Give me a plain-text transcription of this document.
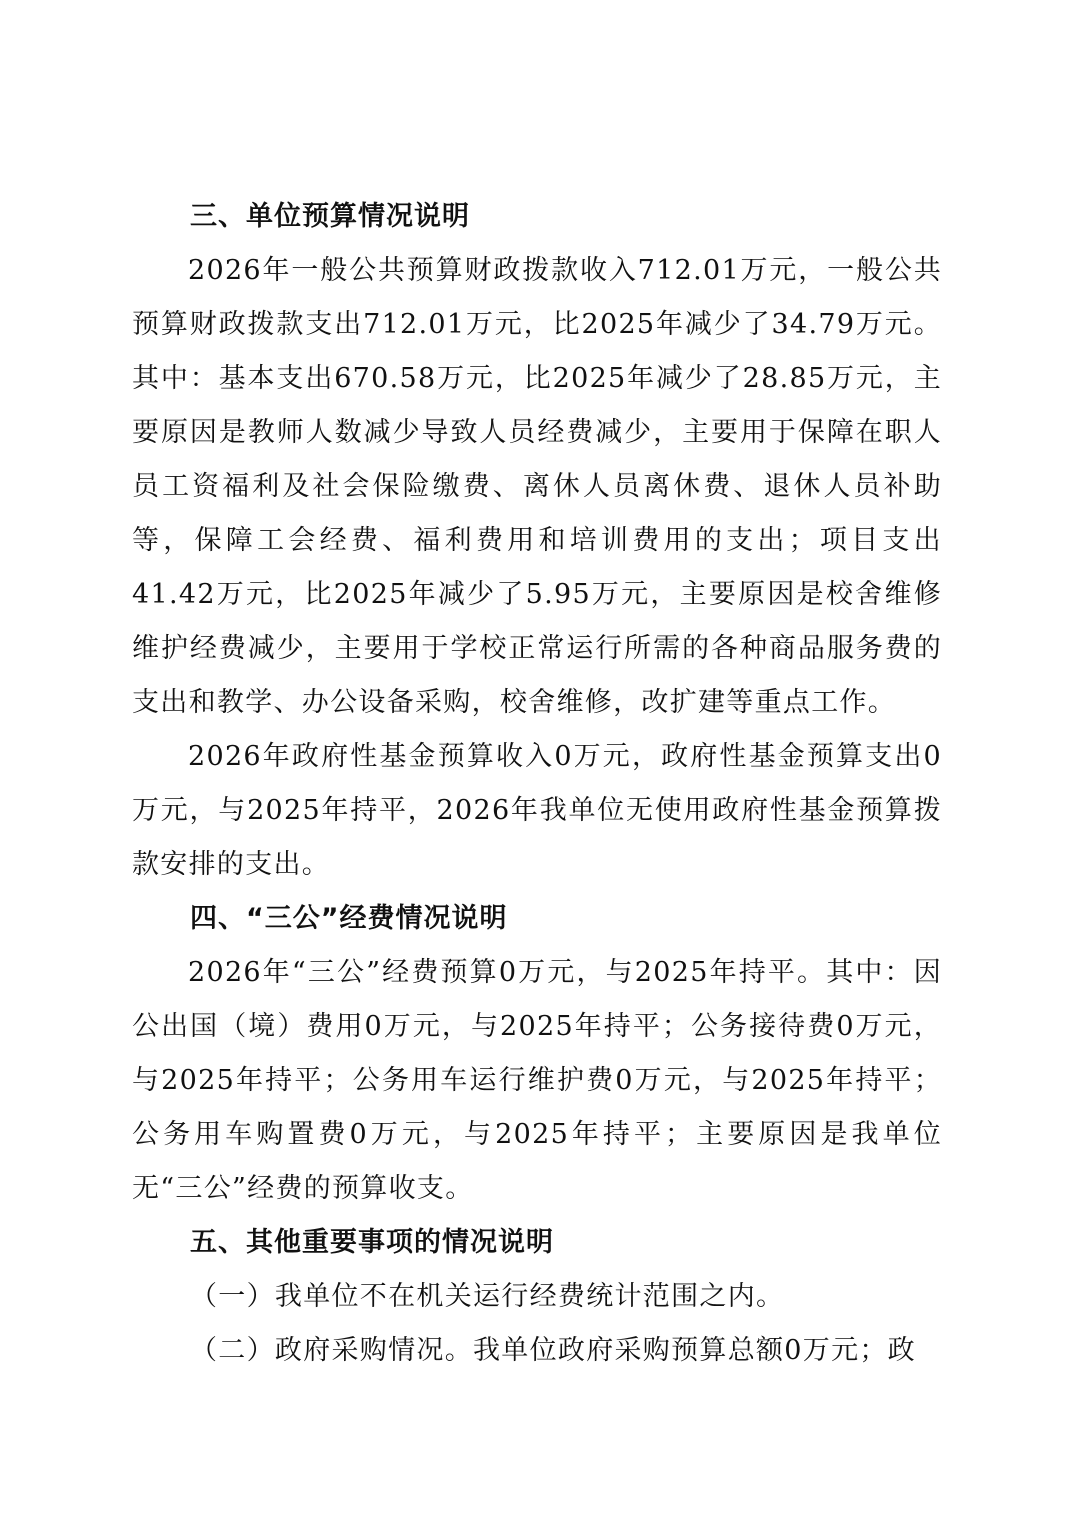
三、单位预算情况说明

2026年一般公共预算财政拨款收入712.01万元，一般公共预算财政拨款支出712.01万元，比2025年减少了34.79万元。其中：基本支出670.58万元，比2025年减少了28.85万元，主要原因是教师人数减少导致人员经费减少，主要用于保障在职人员工资福利及社会保险缴费、离休人员离休费、退休人员补助等，保障工会经费、福利费用和培训费用的支出；项目支出41.42万元，比2025年减少了5.95万元，主要原因是校舍维修维护经费减少，主要用于学校正常运行所需的各种商品服务费的支出和教学、办公设备采购，校舍维修，改扩建等重点工作。

2026年政府性基金预算收入0万元，政府性基金预算支出0万元，与2025年持平，2026年我单位无使用政府性基金预算拨款安排的支出。

四、“三公”经费情况说明

2026年“三公”经费预算0万元，与2025年持平。其中：因公出国（境）费用0万元，与2025年持平；公务接待费0万元，与2025年持平；公务用车运行维护费0万元，与2025年持平；公务用车购置费0万元，与2025年持平；主要原因是我单位无“三公”经费的预算收支。

五、其他重要事项的情况说明

（一）我单位不在机关运行经费统计范围之内。

（二）政府采购情况。我单位政府采购预算总额0万元；政
